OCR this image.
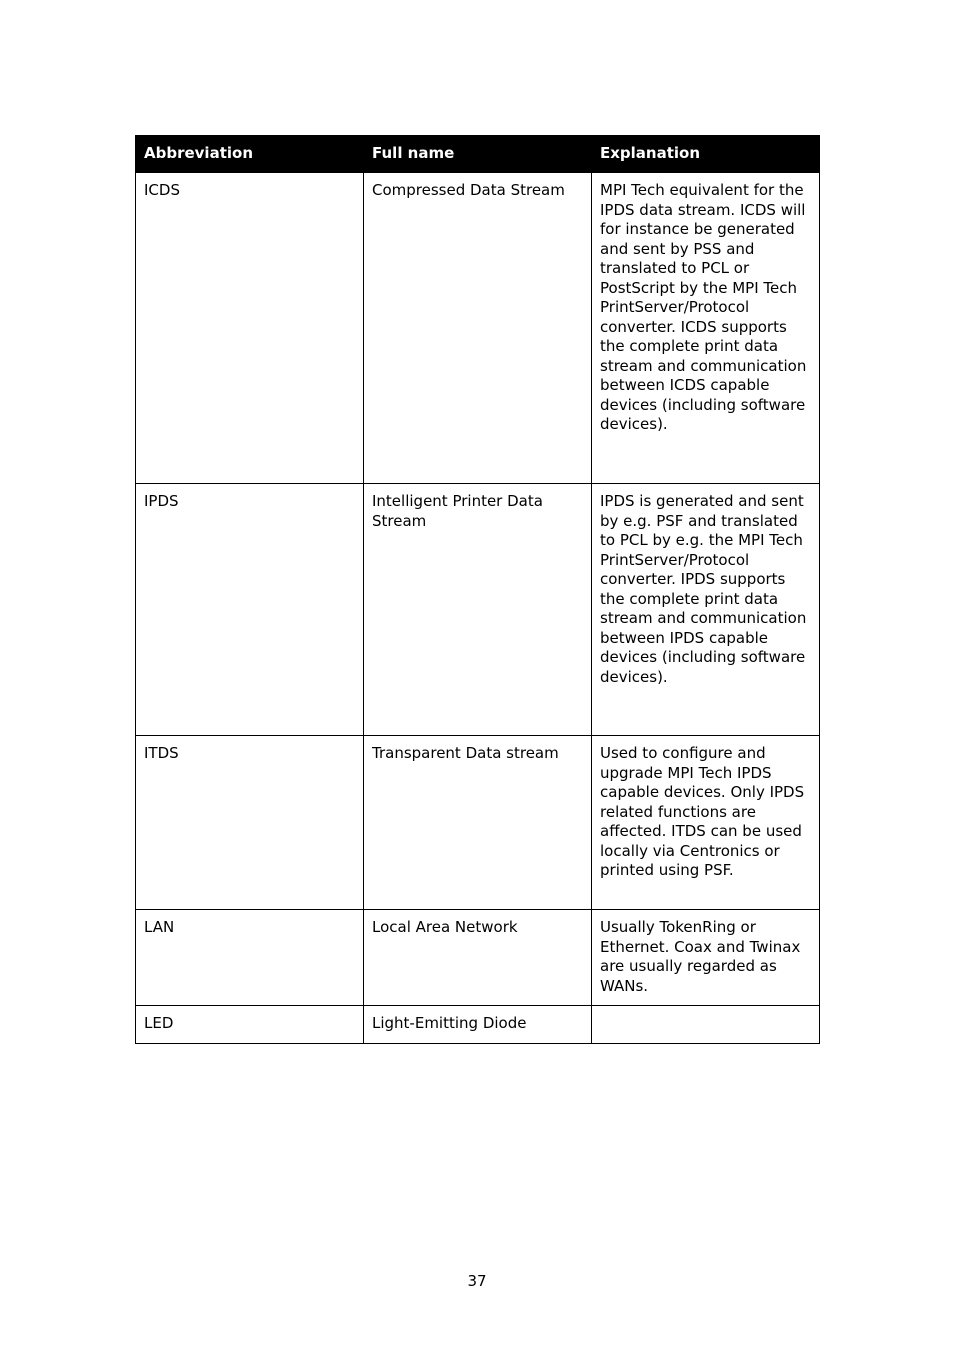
Abbreviation	Full name	Explanation
ICDS	Compressed Data Stream	MPI Tech equivalent for the IPDS data stream. ICDS will for instance be generated and sent by PSS and translated to PCL or PostScript by the MPI Tech PrintServer/Protocol converter. ICDS supports the complete print data stream and communication between ICDS capable devices (including software devices).
IPDS	Intelligent Printer Data Stream	IPDS is generated and sent by e.g. PSF and translated to PCL by e.g. the MPI Tech PrintServer/Protocol converter. IPDS supports the complete print data stream and communication between IPDS capable devices (including software devices).
ITDS	Transparent Data stream	Used to configure and upgrade MPI Tech IPDS capable devices. Only IPDS related functions are affected. ITDS can be used locally via Centronics or printed using PSF.
LAN	Local Area Network	Usually TokenRing or Ethernet. Coax and Twinax are usually regarded as WANs.
LED	Light-Emitting Diode	
37
